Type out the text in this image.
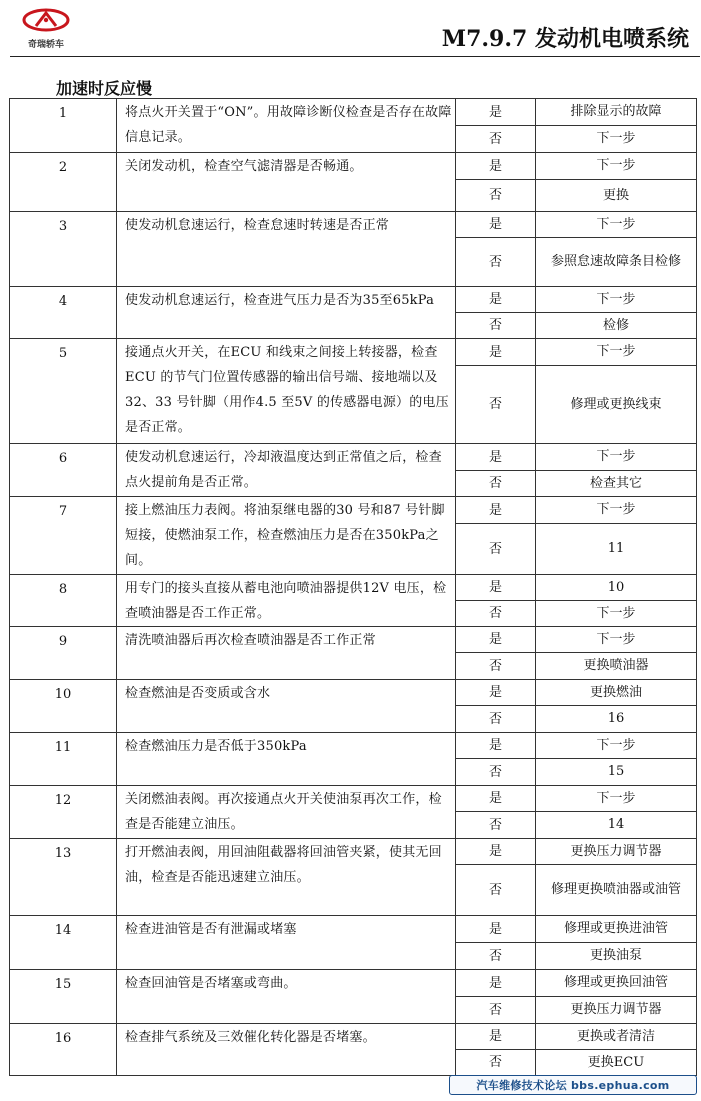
奇瑞轿车	M7.9.7 发动机电喷系统
加速时反应慢
1	将点火开关置于“ON”。用故障诊断仪检查是否存在故障信息记录。	是	排除显示的故障
		否	下一步
2	关闭发动机，检查空气滤清器是否畅通。	是	下一步
		否	更换
3	使发动机怠速运行，检查怠速时转速是否正常	是	下一步
		否	参照怠速故障条目检修
4	使发动机怠速运行，检查进气压力是否为35至65kPa	是	下一步
		否	检修
5	接通点火开关，在ECU 和线束之间接上转接器，检查ECU 的节气门位置传感器的输出信号端、接地端以及32、33 号针脚（用作4.5 至5V 的传感器电源）的电压是否正常。	是	下一步
		否	修理或更换线束
6	使发动机怠速运行，冷却液温度达到正常值之后，检查点火提前角是否正常。	是	下一步
		否	检查其它
7	接上燃油压力表阀。将油泵继电器的30 号和87 号针脚短接，使燃油泵工作，检查燃油压力是否在350kPa之间。	是	下一步
		否	11
8	用专门的接头直接从蓄电池向喷油器提供12V 电压，检查喷油器是否工作正常。	是	10
		否	下一步
9	清洗喷油器后再次检查喷油器是否工作正常	是	下一步
		否	更换喷油器
10	检查燃油是否变质或含水	是	更换燃油
		否	16
11	检查燃油压力是否低于350kPa	是	下一步
		否	15
12	关闭燃油表阀。再次接通点火开关使油泵再次工作，检查是否能建立油压。	是	下一步
		否	14
13	打开燃油表阀，用回油阻截器将回油管夹紧，使其无回油，检查是否能迅速建立油压。	是	更换压力调节器
		否	修理更换喷油器或油管
14	检查进油管是否有泄漏或堵塞	是	修理或更换进油管
		否	更换油泵
15	检查回油管是否堵塞或弯曲。	是	修理或更换回油管
		否	更换压力调节器
16	检查排气系统及三效催化转化器是否堵塞。	是	更换或者清洁
		否	更换ECU
汽车维修技术论坛 bbs.ephua.com
